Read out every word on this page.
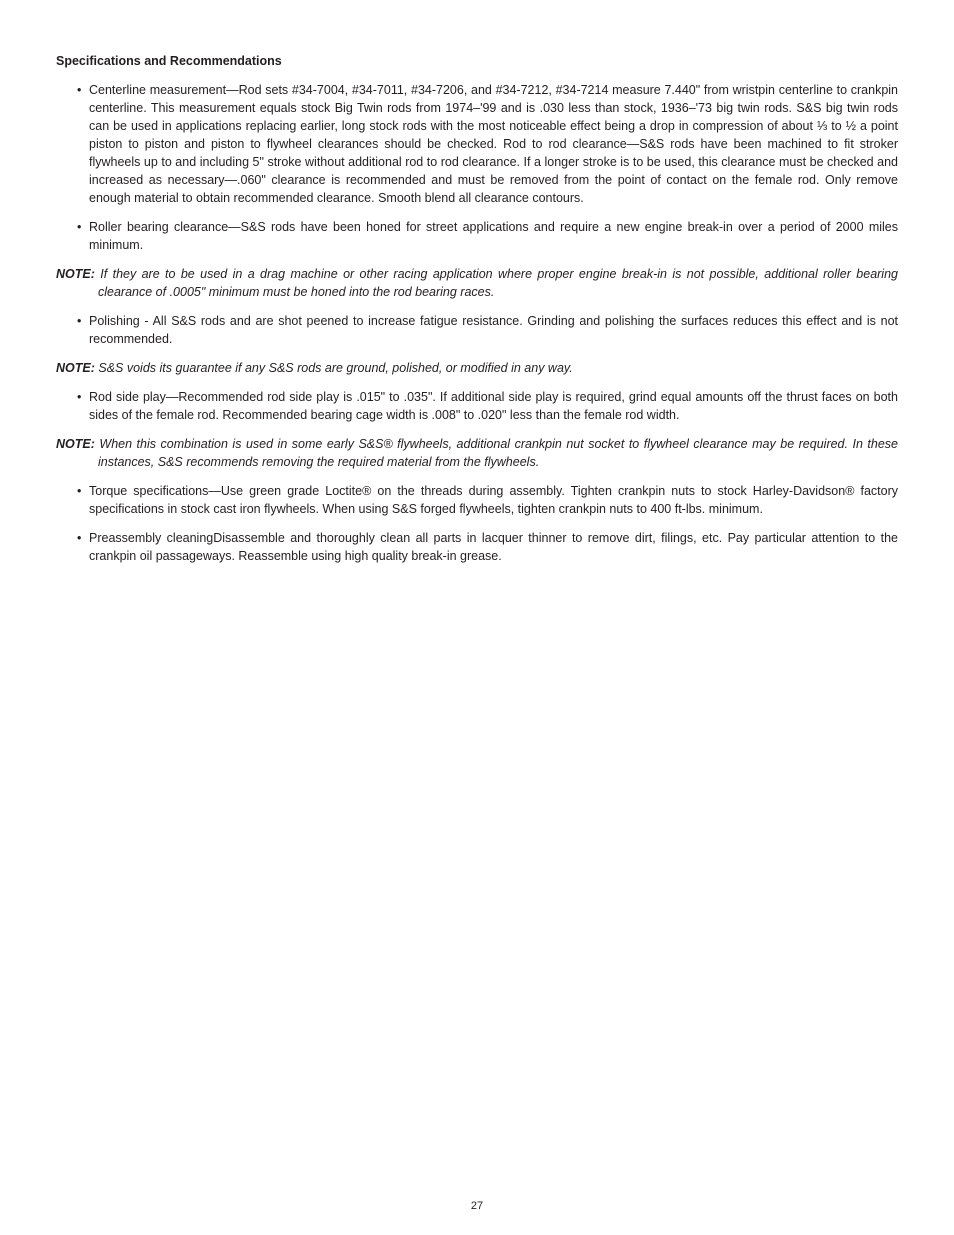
Specifications and Recommendations
• Centerline measurement—Rod sets #34-7004, #34-7011, #34-7206, and #34-7212, #34-7214 measure 7.440" from wristpin centerline to crankpin centerline. This measurement equals stock Big Twin rods from 1974–'99 and is .030 less than stock, 1936–'73 big twin rods. S&S big twin rods can be used in applications replacing earlier, long stock rods with the most noticeable effect being a drop in compression of about ⅓ to ½ a point piston to piston and piston to flywheel clearances should be checked. Rod to rod clearance—S&S rods have been machined to fit stroker flywheels up to and including 5" stroke without additional rod to rod clearance. If a longer stroke is to be used, this clearance must be checked and increased as necessary—.060" clearance is recommended and must be removed from the point of contact on the female rod. Only remove enough material to obtain recommended clearance. Smooth blend all clearance contours.
• Roller bearing clearance—S&S rods have been honed for street applications and require a new engine break-in over a period of 2000 miles minimum.
NOTE: If they are to be used in a drag machine or other racing application where proper engine break-in is not possible, additional roller bearing clearance of .0005" minimum must be honed into the rod bearing races.
• Polishing - All S&S rods and are shot peened to increase fatigue resistance. Grinding and polishing the surfaces reduces this effect and is not recommended.
NOTE: S&S voids its guarantee if any S&S rods are ground, polished, or modified in any way.
• Rod side play—Recommended rod side play is .015" to .035". If additional side play is required, grind equal amounts off the thrust faces on both sides of the female rod. Recommended bearing cage width is .008" to .020" less than the female rod width.
NOTE: When this combination is used in some early S&S® flywheels, additional crankpin nut socket to flywheel clearance may be required. In these instances, S&S recommends removing the required material from the flywheels.
• Torque specifications—Use green grade Loctite® on the threads during assembly. Tighten crankpin nuts to stock Harley-Davidson® factory specifications in stock cast iron flywheels. When using S&S forged flywheels, tighten crankpin nuts to 400 ft-lbs. minimum.
• Preassembly cleaningDisassemble and thoroughly clean all parts in lacquer thinner to remove dirt, filings, etc. Pay particular attention to the crankpin oil passageways. Reassemble using high quality break-in grease.
27
